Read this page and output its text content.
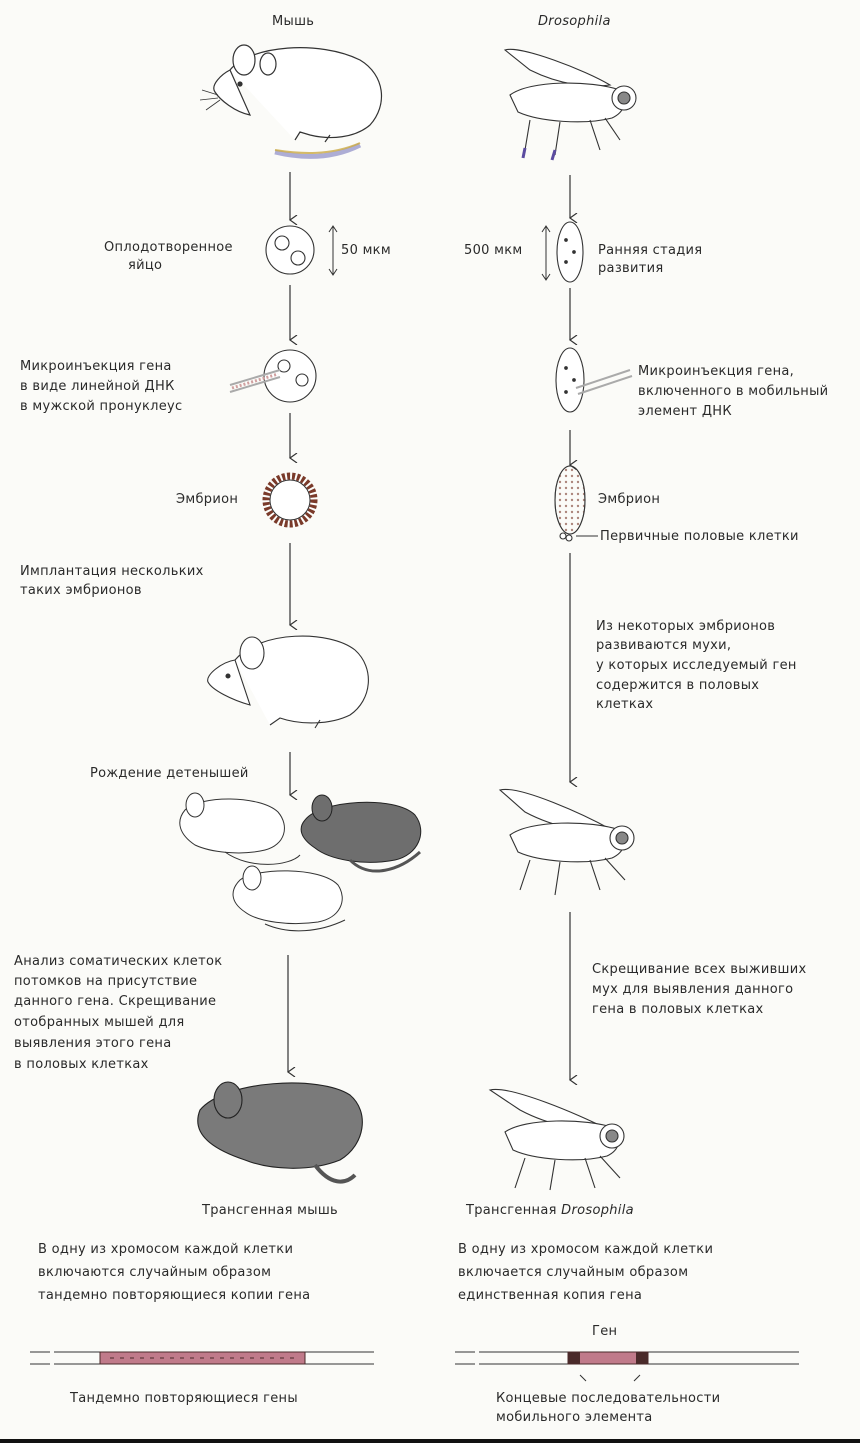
Мышь	Drosophila
Оплодотворенное
яйцо
50 мкм	500 мкм	Ранняя стадия
развития
Микроинъекция гена
в виде линейной ДНК
в мужской пронуклеус
Микроинъекция гена,
включенного в мобильный
элемент ДНК
Эмбрион	Эмбрион
Первичные половые клетки
Имплантация нескольких
таких эмбрионов
Из некоторых эмбрионов
развиваются мухи,
у которых исследуемый ген
содержится в половых
клетках
Рождение детенышей
Анализ соматических клеток
потомков на присутствие
данного гена. Скрещивание
отобранных мышей для
выявления этого гена
в половых клетках
Скрещивание всех выживших
мух для выявления данного
гена в половых клетках
Трансгенная мышь	Трансгенная Drosophila
В одну из хромосом каждой клетки
включаются случайным образом
тандемно повторяющиеся копии гена
В одну из хромосом каждой клетки
включается случайным образом
единственная копия гена
Ген
Тандемно повторяющиеся гены	Концевые последовательности
мобильного элемента
